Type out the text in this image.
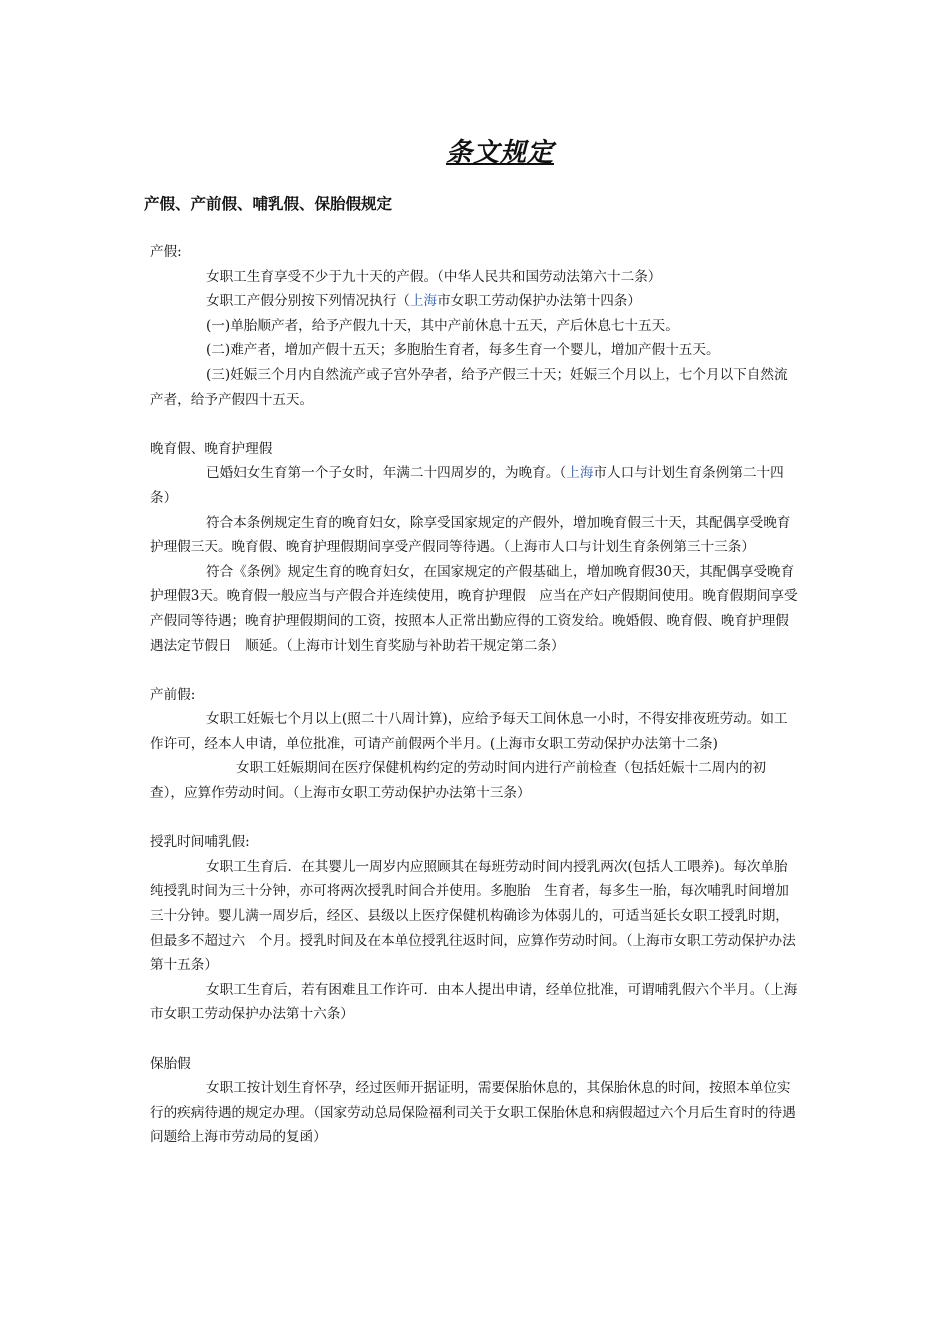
条文规定
产假、产前假、哺乳假、保胎假规定

产假:

女职工生育享受不少于九十天的产假。（中华人民共和国劳动法第六十二条）

女职工产假分别按下列情况执行（上海市女职工劳动保护办法第十四条）

(一)单胎顺产者，给予产假九十天，其中产前休息十五天，产后休息七十五天。

(二)难产者，增加产假十五天；多胞胎生育者，每多生育一个婴儿，增加产假十五天。

(三)妊娠三个月内自然流产或子宫外孕者，给予产假三十天；妊娠三个月以上，七个月以下自然流产者，给予产假四十五天。

晚育假、晚育护理假

已婚妇女生育第一个子女时，年满二十四周岁的，为晚育。（上海市人口与计划生育条例第二十四条）

符合本条例规定生育的晚育妇女，除享受国家规定的产假外，增加晚育假三十天，其配偶享受晚育护理假三天。晚育假、晚育护理假期间享受产假同等待遇。（上海市人口与计划生育条例第三十三条）

符合《条例》规定生育的晚育妇女，在国家规定的产假基础上，增加晚育假30天，其配偶享受晚育护理假3天。晚育假一般应当与产假合并连续使用，晚育护理假　应当在产妇产假期间使用。晚育假期间享受产假同等待遇；晚育护理假期间的工资，按照本人正常出勤应得的工资发给。晚婚假、晚育假、晚育护理假遇法定节假日　顺延。（上海市计划生育奖励与补助若干规定第二条）

产前假:

女职工妊娠七个月以上(照二十八周计算)，应给予每天工间休息一小时，不得安排夜班劳动。如工作许可，经本人申请，单位批准，可请产前假两个半月。(上海市女职工劳动保护办法第十二条)

女职工妊娠期间在医疗保健机构约定的劳动时间内进行产前检查（包括妊娠十二周内的初查），应算作劳动时间。（上海市女职工劳动保护办法第十三条）

授乳时间哺乳假:

女职工生育后．在其婴儿一周岁内应照顾其在每班劳动时间内授乳两次(包括人工喂养)。每次单胎纯授乳时间为三十分钟，亦可将两次授乳时间合并使用。多胞胎　生育者，每多生一胎，每次哺乳时间增加三十分钟。婴儿满一周岁后，经区、县级以上医疗保健机构确诊为体弱儿的，可适当延长女职工授乳时期，但最多不超过六　个月。授乳时间及在本单位授乳往返时间，应算作劳动时间。（上海市女职工劳动保护办法第十五条）

女职工生育后，若有困难且工作许可．由本人提出申请，经单位批准，可谓哺乳假六个半月。（上海市女职工劳动保护办法第十六条）

保胎假

女职工按计划生育怀孕，经过医师开据证明，需要保胎休息的，其保胎休息的时间，按照本单位实行的疾病待遇的规定办理。（国家劳动总局保险福利司关于女职工保胎休息和病假超过六个月后生育时的待遇问题给上海市劳动局的复函）
